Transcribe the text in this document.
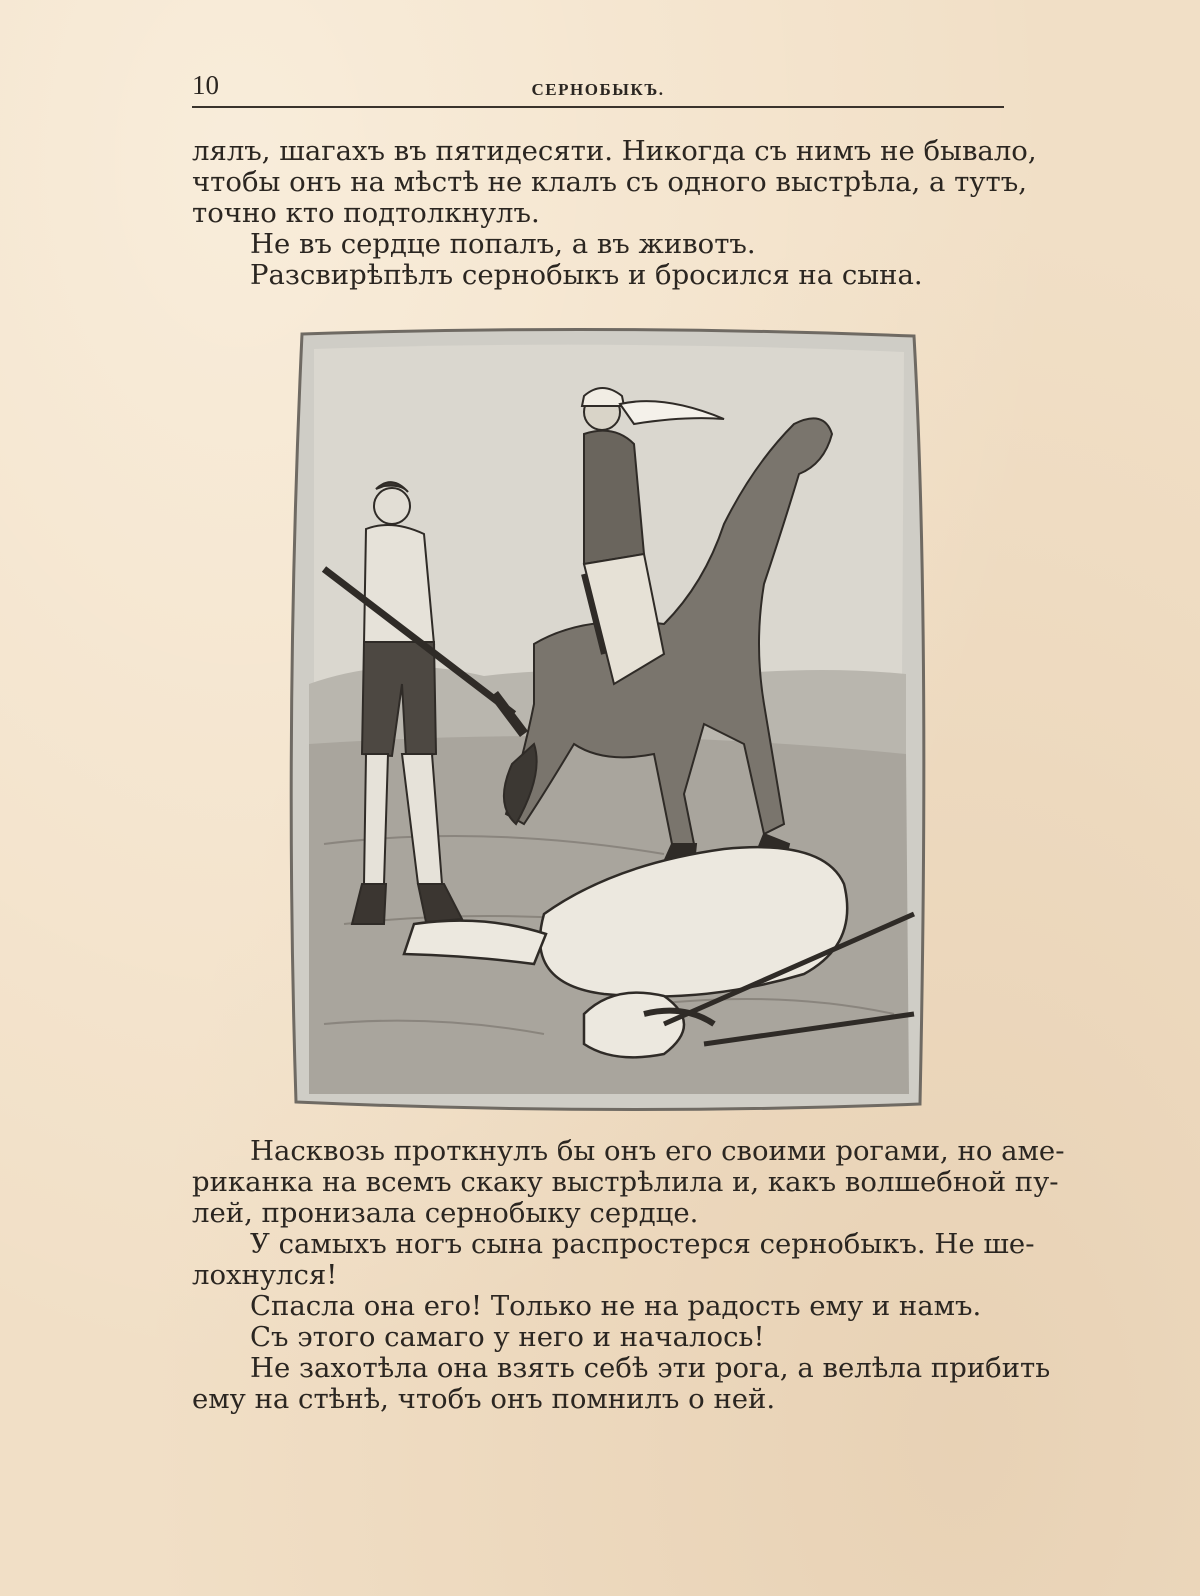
10	СЕРНОБЫКЪ.
лялъ, шагахъ въ пятидесяти. Никогда съ нимъ не бывало,
чтобы онъ на мѣстѣ не клалъ съ одного выстрѣла, а тутъ,
точно кто подтолкнулъ.

Не въ сердце попалъ, а въ животъ.

Разсвирѣпѣлъ сернобыкъ и бросился на сына.

Насквозь проткнулъ бы онъ его своими рогами, но аме-
риканка на всемъ скаку выстрѣлила и, какъ волшебной пу-
лей, пронизала сернобыку сердце.
У самыхъ ногъ сына распростерся сернобыкъ. Не ше-
лохнулся!

Спасла она его! Только не на радость ему и намъ.

Съ этого самаго у него и началось!

Не захотѣла она взять себѣ эти рога, а велѣла прибить
ему на стѣнѣ, чтобъ онъ помнилъ о ней.
